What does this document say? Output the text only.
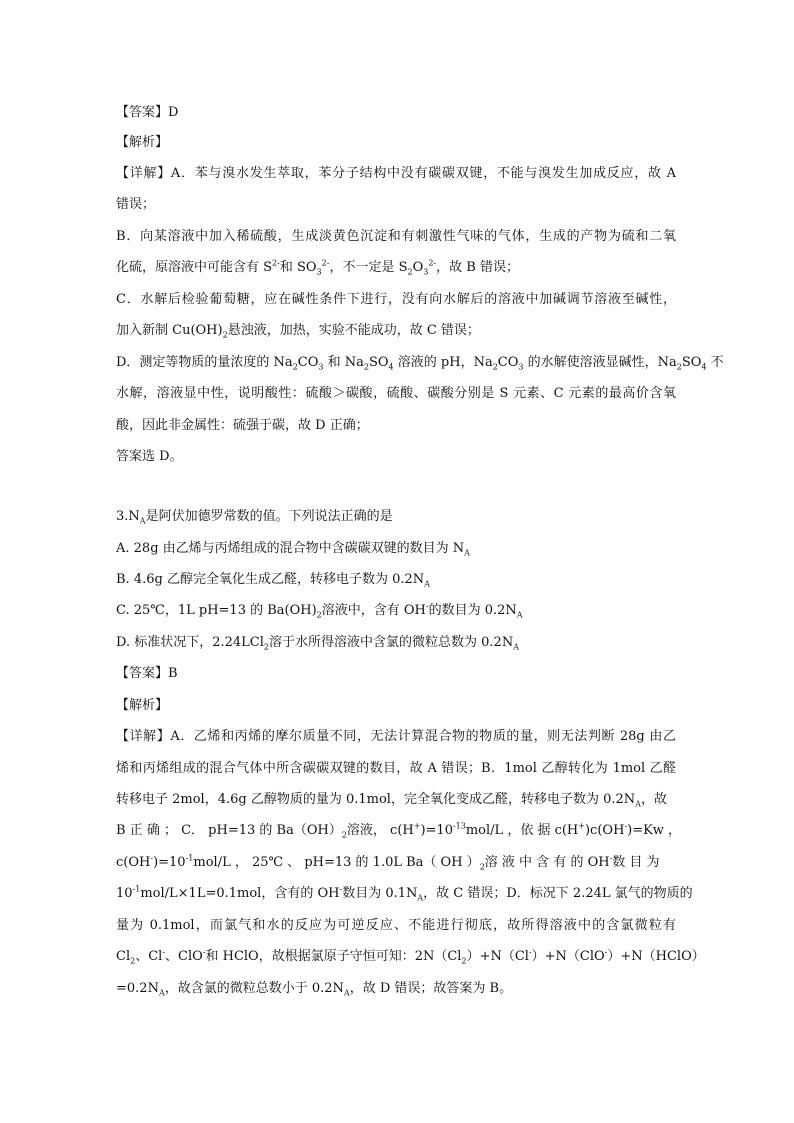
【答案】D
【解析】
【详解】A．苯与溴水发生萃取，苯分子结构中没有碳碳双键，不能与溴发生加成反应，故 A
错误；
B．向某溶液中加入稀硫酸，生成淡黄色沉淀和有刺激性气味的气体，生成的产物为硫和二氧
化硫，原溶液中可能含有 $S^{2-}$和 $SO_3^{2-}$，不一定是 $S_2O_3^{2-}$，故 B 错误；
C．水解后检验葡萄糖，应在碱性条件下进行，没有向水解后的溶液中加碱调节溶液至碱性，
加入新制 $Cu(OH)_2$悬浊液，加热，实验不能成功，故 C 错误；
D．测定等物质的量浓度的 $Na_2CO_3$ 和 $Na_2SO_4$ 溶液的 pH，$Na_2CO_3$ 的水解使溶液显碱性，$Na_2SO_4$ 不
水解，溶液显中性，说明酸性：硫酸＞碳酸，硫酸、碳酸分别是 S 元素、C 元素的最高价含氧
酸，因此非金属性：硫强于碳，故 D 正确；
答案选 D。
$3.N_A$是阿伏加德罗常数的值。下列说法正确的是
A. 28g 由乙烯与丙烯组成的混合物中含碳碳双键的数目为 $N_A$
B. 4.6g 乙醇完全氧化生成乙醛，转移电子数为 $0.2N_A$
C. 25℃，1L pH=13 的 $Ba(OH)_2$溶液中，含有 OH-的数目为 $0.2N_A$
D. 标准状况下，2.24LCl$_2$溶于水所得溶液中含氯的微粒总数为 $0.2N_A$
【答案】B
【解析】
【详解】A．乙烯和丙烯的摩尔质量不同，无法计算混合物的物质的量，则无法判断 28g 由乙
烯和丙烯组成的混合气体中所含碳碳双键的数目，故 A 错误；B．1mol 乙醇转化为 1mol 乙醛
转移电子 2mol，4.6g 乙醇物质的量为 0.1mol，完全氧化变成乙醛，转移电子数为 $0.2N_A$，故
B 正 确 ； C． pH=13 的 $Ba(OH)_2$溶液， $c(H^+)=10^{-13}mol/L$ ，依 据 c(H+)c(OH-)=Kw ，
$c(OH^-)=10^{-1}mol/L$ ， 25℃ 、 pH=13 的 1.0L Ba（ OH ）$_2$溶 液 中 含 有 的 OH-数 目 为
$10^{-1}mol/L\times 1L=0.1mol$，含有的 OH-数目为 $0.1N_A$，故 C 错误；D．标况下 2.24L 氯气的物质的
量为 0.1mol，而氯气和水的反应为可逆反应、不能进行彻底，故所得溶液中的含氯微粒有
$Cl_2$、Cl-、ClO-和 HClO，故根据氯原子守恒可知：$2N(Cl_2)+N(Cl^-)+N(ClO^-)+N(HClO)$
$=0.2N_A$，故含氯的微粒总数小于 $0.2N_A$，故 D 错误；故答案为 B。
